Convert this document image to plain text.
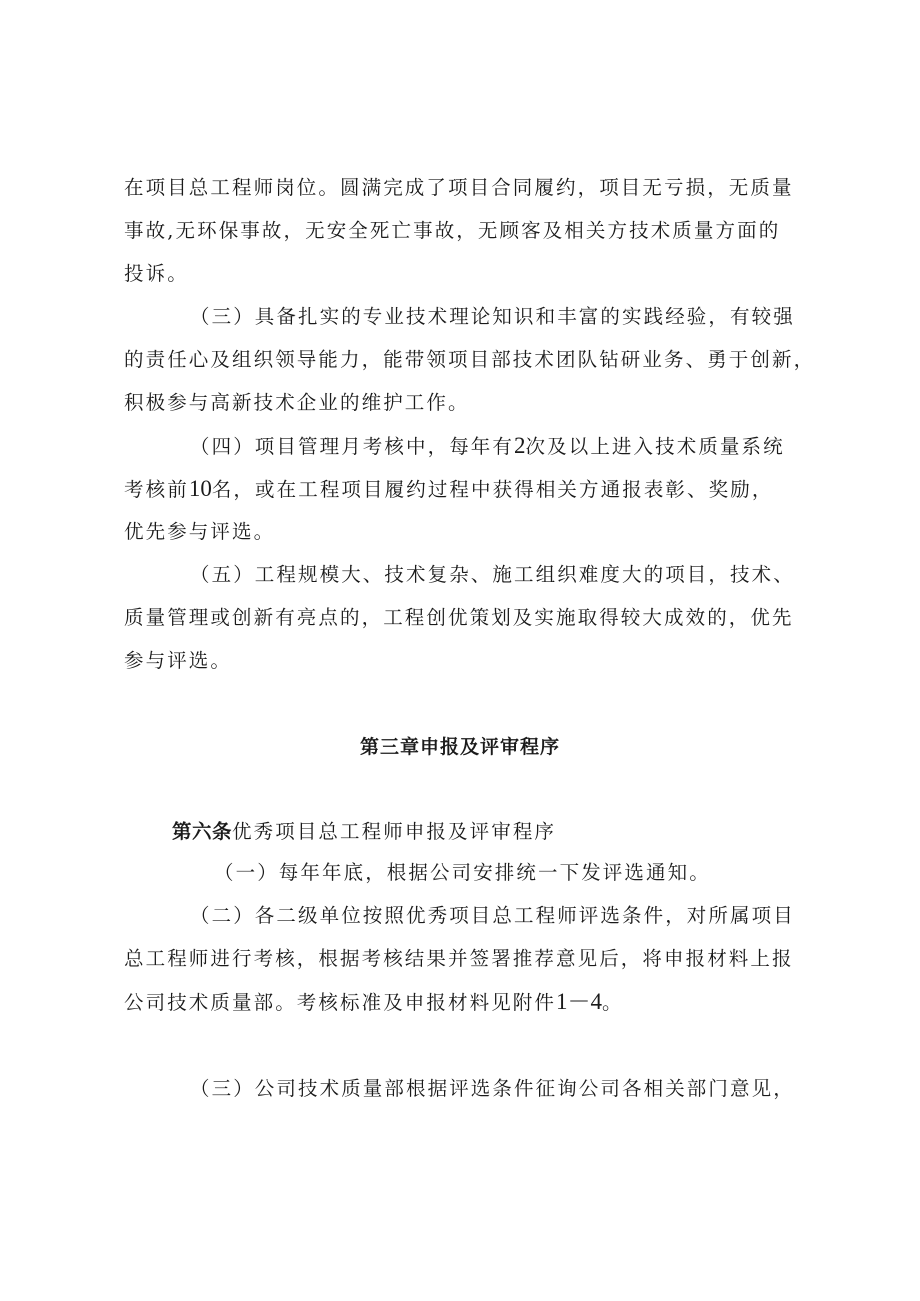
在项目总工程师岗位。圆满完成了项目合同履约，项目无亏损，无质量
事故,无环保事故，无安全死亡事故，无顾客及相关方技术质量方面的
投诉。
（三）具备扎实的专业技术理论知识和丰富的实践经验，有较强
的责任心及组织领导能力，能带领项目部技术团队钻研业务、勇于创新，
积极参与高新技术企业的维护工作。
（四）项目管理月考核中，每年有2次及以上进入技术质量系统
考核前10名，或在工程项目履约过程中获得相关方通报表彰、奖励，
优先参与评选。
（五）工程规模大、技术复杂、施工组织难度大的项目，技术、
质量管理或创新有亮点的，工程创优策划及实施取得较大成效的，优先
参与评选。
第三章申报及评审程序
第六条优秀项目总工程师申报及评审程序
（一）每年年底，根据公司安排统一下发评选通知。
（二）各二级单位按照优秀项目总工程师评选条件，对所属项目
总工程师进行考核，根据考核结果并签署推荐意见后，将申报材料上报
公司技术质量部。考核标准及申报材料见附件1－4。
（三）公司技术质量部根据评选条件征询公司各相关部门意见，
